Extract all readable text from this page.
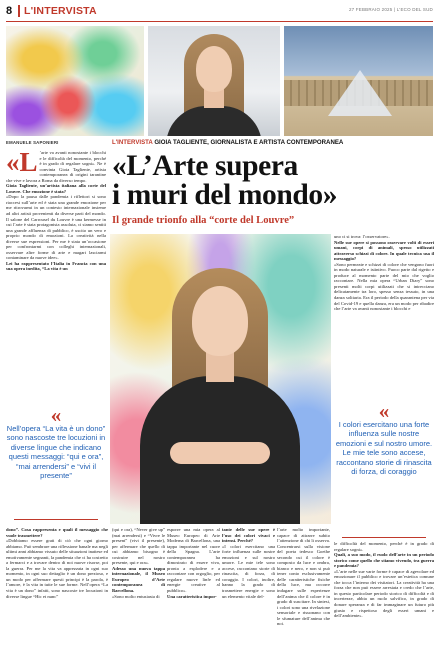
8 L'INTERVISTA	27 FEBBRAIO 2025 | L'ECO DEL SUD
EMANUELE SAPONIERI	L'INTERVISTA GIOIA TAGLIENTE, GIORNALISTA E ARTISTA CONTEMPORANEA
«L’Arte supera
i muri del mondo»
Il grande trionfo alla “corte del Louvre”
«L ’arte va avanti nonostante i blocchi e le difficoltà del momento, perché è in grado di regalare sogni». Ne è convinta Gioia Tagliente, artista contemporanea di origini tarantine che vive e lavora a Roma da diverso tempo.

Gioia Tagliente, un’artista italiana alla corte del Louvre. Che emozione è stata?

«Dopo la pausa dalle pandemia i riflettori si sono riaccesi sull’arte ed è stata una grande emozione per me ritrovarmi in un contesto internazionale insieme ad altri artisti provenienti da diverse parti del mondo. Il salone del Carrousel du Louvre è una kermesse in cui l’arte è stata protagonista assoluta, ci siamo sentiti una grande affluenza di pubblico, è uscito un vero e proprio mondo di emozioni. La creatività nella diverse sue espressioni. Per me è stata un’occasione per confrontarmi con colleghi internazionali, osservare altre forme di arte e magari lasciarmi contaminare da nuove idee».

Lei ha rappresentato l’Italia in Francia con una sua opera inedita, “La vita è un

«
Nell’opera “La vita è un dono” sono nascoste tre locuzioni in diverse lingue che indicano questi messaggi: “qui e ora”, “mai arrendersi” e “vivi il presente”

uno ci si trova: l’osservatore».

Nelle sue opere si possono osservare volti di esseri umani, corpi di animali, spesso utilizzati attraverso schizzi di colore. In quale tecnica usa il messaggio?

«Sono permeate e schizzi di colore che vengono fuori in modo naturale e istintivo. Fuoco parte dal rigetto e produce al momento parte del mio che voglio raccontare. Nella mia opera “Urban Diary” sono presenti molti corpi utilizzati che si intrecciano delicatamente tra loro, spesso senza tessuto, in una danza solitaria. Era il periodo della quarantena per via del Covid-19 e quella danza, era un modo per ribadire che l’arte va avanti nonostante i blocchi e

«
I colori esercitano una forte influenza sulle nostre emozioni e sul nostro umore. Le mie tele sono accese, raccontano storie di rinascita di forza, di coraggio

dono”. Cosa rappresenta e quali il messaggio che vuole trasmettere?

«Dobbiamo essere grati di ciò che ogni giorno abbiamo. Può sembrare una riflessione banale ma negli ultimi anni abbiamo vissuto delle situazioni inattese ed emotivamente segnanti, la pandemia che ci ha costretto a fermarci e a trovare dentro di noi nuove risorse, poi la guerra. Per me la vita va apprezzata in ogni suo momento, in ogni suo dettaglio è un dono prezioso, e un modo per affermare questi principi è la parola, è l’amore, è la vita in tutte le sue forme. Nell’opera “La vita è un dono” infatti, sono nascoste tre locuzioni in diverse lingue “Hic et nunc”

(qui e ora), “Never give up” (mai arrendersi) e “Vivre le present” (vivi il presente), per affermare che quello di cui abbiamo bisogno è costruire nel nostro presente, qui e ora».

Adesso una nuova tappa internazionale, il Museo Europeo d’Arte contemporanea di Barcellona.

«Sono molto entusiasta di

esporre una mia opera al Museo Europeo di Arte Moderna di Barcellona, una tappa importante nel cuore della Spagna. L’arte contemporanea ha dimostrato di essere viva, pronta a esplodere e a raccontare con orgoglio, per regalare nuove linfe ed energie creative al pubblico».

Una caratteristica impor-

tante delle sue opere è l’uso dei colori vivaci e intensi. Perché?

«I colori esercitano una forte influenza sulle nostre emozioni e sul nostro umore. Le mie tele sono accese, raccontano storie di rinascita, di forza, di coraggio. I colori, inoltre, hanno la grado di trasmettere energie e sono un elemento vitale del-

l’arte molto importante, capace di attrarre subito l’attenzione di chi li osserva. Concentrarsi sulla visione del poeta tedesco Goethe secondo cui il colore è composto da luce e ombra, bianco e nero, e non si può tener conto esclusivamente delle caratteristiche fisiche della luce, ma occorre indagare sulle esperienze dell’anima che il colore è in grado di suscitare. In sintesi, i colori sono una rivelazione sensoriale e risuonano con le sfumature dell’anima che noi.

le difficoltà del momento, perché è in grado di regalare sogni».

Quali, a suo modo, il ruolo dell’arte in un periodo storico come quello che stiamo vivendo, tra guerra e pandemia?

«L’arte nelle sue varie forme è capace di agevolare ed emozionare il pubblico e trovare un’estetica comune che tocca l’interno dei visitatori. La creatività ha una forza che non può essere arrestata e credo che l’arte, in questo particolare periodo storico di difficoltà e di incertezze, abbia un ruolo salvifico, in grado di donare speranza e di far immaginare un futuro più giusto e rispettoso degli esseri umani e dell’ambiente».
